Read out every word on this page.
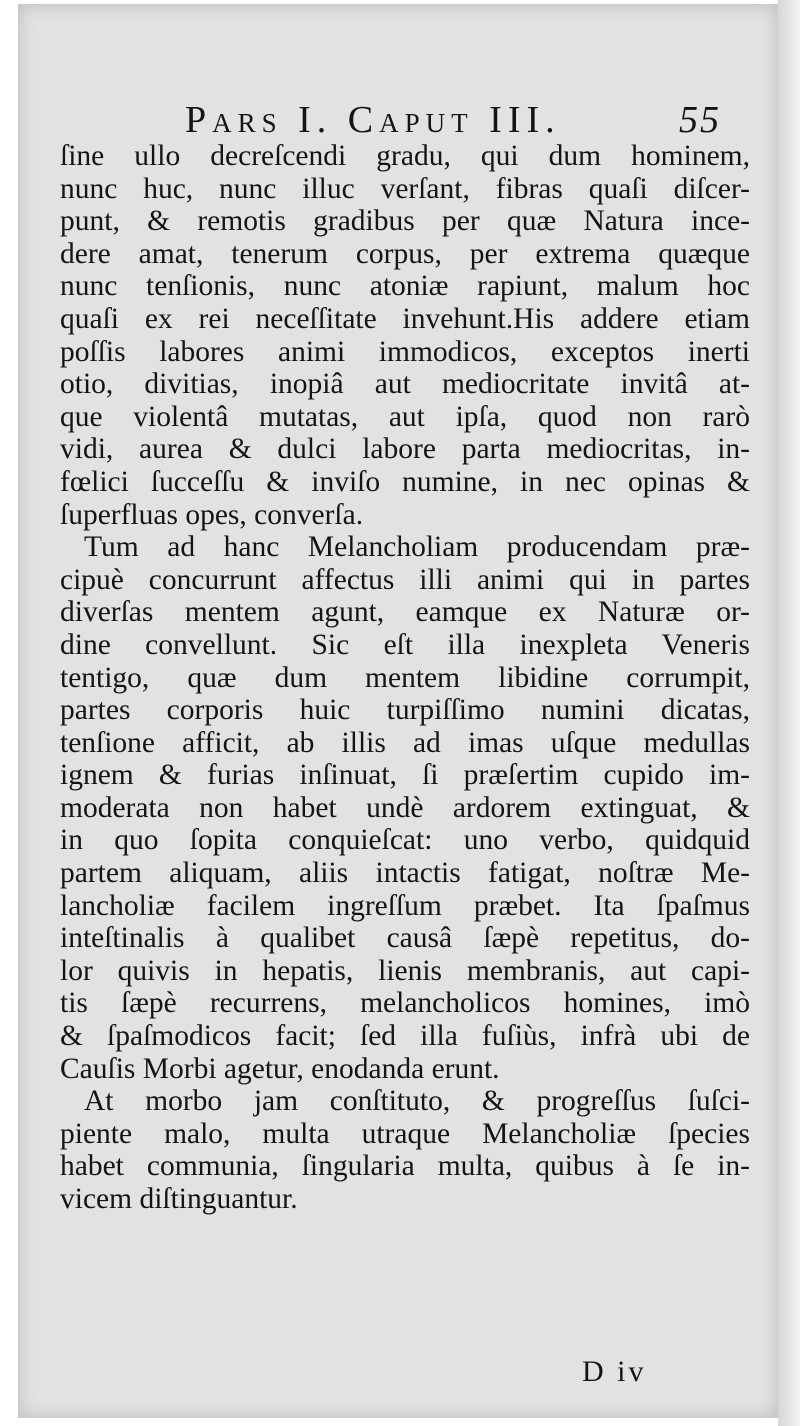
Pars I. Caput III.	55
ſine ullo decreſcendi gradu, qui dum hominem,
nunc huc, nunc illuc verſant, fibras quaſi diſcer-
punt, & remotis gradibus per quæ Natura ince-
dere amat, tenerum corpus, per extrema quæque
nunc tenſionis, nunc atoniæ rapiunt, malum hoc
quaſi ex rei neceſſitate invehunt.His addere etiam
poſſis labores animi immodicos, exceptos inerti
otio, divitias, inopiâ aut mediocritate invitâ at-
que violentâ mutatas, aut ipſa, quod non rarò
vidi, aurea & dulci labore parta mediocritas, in-
fœlici ſucceſſu & inviſo numine, in nec opinas &
ſuperfluas opes, converſa.
Tum ad hanc Melancholiam producendam præ-
cipuè concurrunt affectus illi animi qui in partes
diverſas mentem agunt, eamque ex Naturæ or-
dine convellunt. Sic eſt illa inexpleta Veneris
tentigo, quæ dum mentem libidine corrumpit,
partes corporis huic turpiſſimo numini dicatas,
tenſione afficit, ab illis ad imas uſque medullas
ignem & furias inſinuat, ſi præſertim cupido im-
moderata non habet undè ardorem extinguat, &
in quo ſopita conquieſcat: uno verbo, quidquid
partem aliquam, aliis intactis fatigat, noſtræ Me-
lancholiæ facilem ingreſſum præbet. Ita ſpaſmus
inteſtinalis à qualibet causâ ſæpè repetitus, do-
lor quivis in hepatis, lienis membranis, aut capi-
tis ſæpè recurrens, melancholicos homines, imò
& ſpaſmodicos facit; ſed illa fuſiùs, infrà ubi de
Cauſis Morbi agetur, enodanda erunt.
At morbo jam conſtituto, & progreſſus ſuſci-
piente malo, multa utraque Melancholiæ ſpecies
habet communia, ſingularia multa, quibus à ſe in-
vicem diſtinguantur.
D iv
